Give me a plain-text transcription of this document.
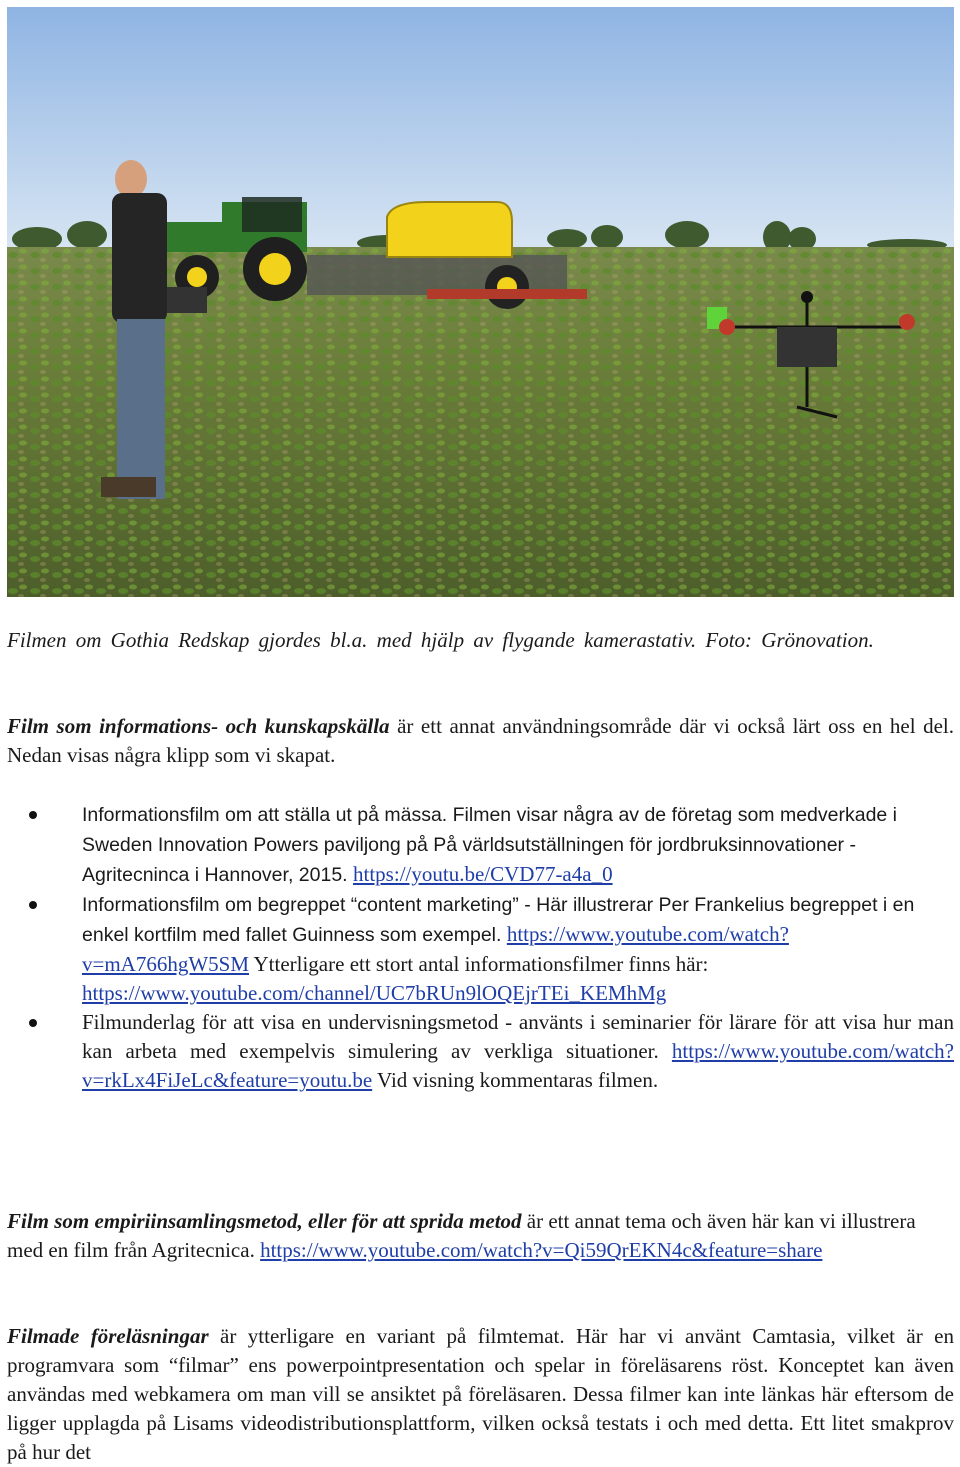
Filmen om Gothia Redskap gjordes bl.a. med hjälp av flygande kamerastativ. Foto: Grönovation.

Film som informations- och kunskapskälla är ett annat användningsområde där vi också lärt oss en hel del. Nedan visas några klipp som vi skapat.

Informationsfilm om att ställa ut på mässa. Filmen visar några av de företag som medverkade i Sweden Innovation Powers paviljong på På världsutställningen för jordbruksinnovationer - Agritecninca i Hannover, 2015. https://youtu.be/CVD77-a4a_0
Informationsfilm om begreppet “content marketing” - Här illustrerar Per Frankelius begreppet i en enkel kortfilm med fallet Guinness som exempel. https://www.youtube.com/watch?v=mA766hgW5SM Ytterligare ett stort antal informationsfilmer finns här: https://www.youtube.com/channel/UC7bRUn9lOQEjrTEi_KEMhMg
Filmunderlag för att visa en undervisningsmetod - använts i seminarier för lärare för att visa hur man kan arbeta med exempelvis simulering av verkliga situationer. https://www.youtube.com/watch?v=rkLx4FiJeLc&feature=youtu.be Vid visning kommentaras filmen.

Film som empiriinsamlingsmetod, eller för att sprida metod är ett annat tema och även här kan vi illustrera med en film från Agritecnica. https://www.youtube.com/watch?v=Qi59QrEKN4c&feature=share

Filmade föreläsningar är ytterligare en variant på filmtemat. Här har vi använt Camtasia, vilket är en programvara som “filmar” ens powerpointpresentation och spelar in föreläsarens röst. Konceptet kan även användas med webkamera om man vill se ansiktet på föreläsaren. Dessa filmer kan inte länkas här eftersom de ligger upplagda på Lisams videodistributionsplattform, vilken också testats i och med detta. Ett litet smakprov på hur det
